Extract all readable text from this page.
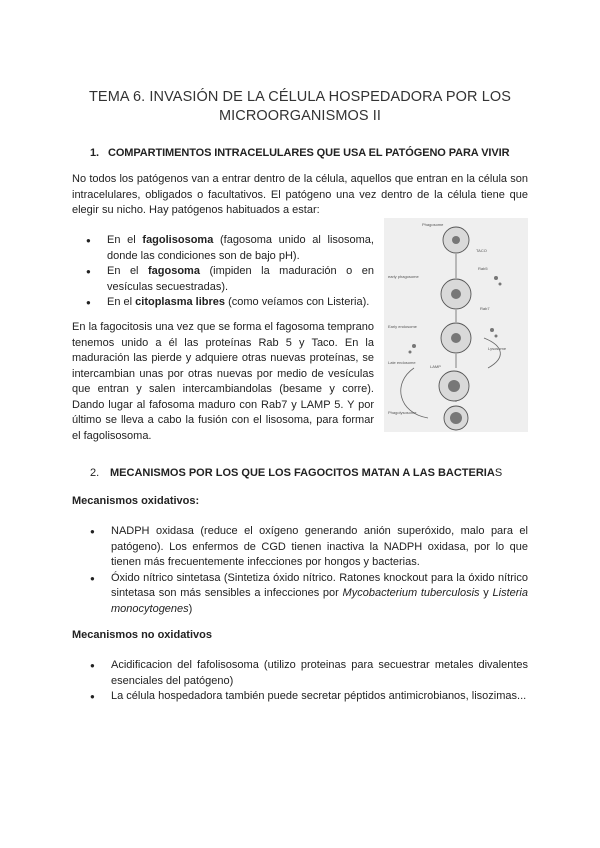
TEMA 6. INVASIÓN DE LA CÉLULA HOSPEDADORA POR LOS
MICROORGANISMOS II
1. COMPARTIMENTOS INTRACELULARES QUE USA EL PATÓGENO PARA VIVIR

No todos los patógenos van a entrar dentro de la célula, aquellos que entran en la célula son intracelulares, obligados o facultativos. El patógeno una vez dentro de la célula tiene que elegir su nicho. Hay patógenos habituados a estar:

● En el fagolisosoma (fagosoma unido al lisosoma, donde las condiciones son de bajo pH).
● En el fagosoma (impiden la maduración o en vesículas secuestradas).
● En el citoplasma libres (como veíamos con Listeria).

En la fagocitosis una vez que se forma el fagosoma temprano tenemos unido a él las proteínas Rab 5 y Taco. En la maduración las pierde y adquiere otras nuevas proteínas, se intercambian unas por otras nuevas por medio de vesículas que entran y salen intercambiandolas (besame y corre). Dando lugar al fafosoma maduro con Rab7 y LAMP 5. Y por último se lleva a cabo la fusión con el lisosoma, para formar el fagolisosoma.

Phagosome
early phagosome
Rab5
Early endosome
Lysosome
Late endosome
Rab7
Phagolysosome
LAMP
TACO
2. MECANISMOS POR LOS QUE LOS FAGOCITOS MATAN A LAS BACTERIAS
Mecanismos oxidativos:
● NADPH oxidasa (reduce el oxígeno generando anión superóxido, malo para el patógeno). Los enfermos de CGD tienen inactiva la NADPH oxidasa, por lo que tienen más frecuentemente infecciones por hongos y bacterias.
● Óxido nítrico sintetasa (Sintetiza óxido nítrico. Ratones knockout para la óxido nítrico sintetasa son más sensibles a infecciones por Mycobacterium tuberculosis y Listeria monocytogenes)
Mecanismos no oxidativos
● Acidificacion del fafolisosoma (utilizo proteinas para secuestrar metales divalentes esenciales del patógeno)
● La célula hospedadora también puede secretar péptidos antimicrobianos, lisozimas...
